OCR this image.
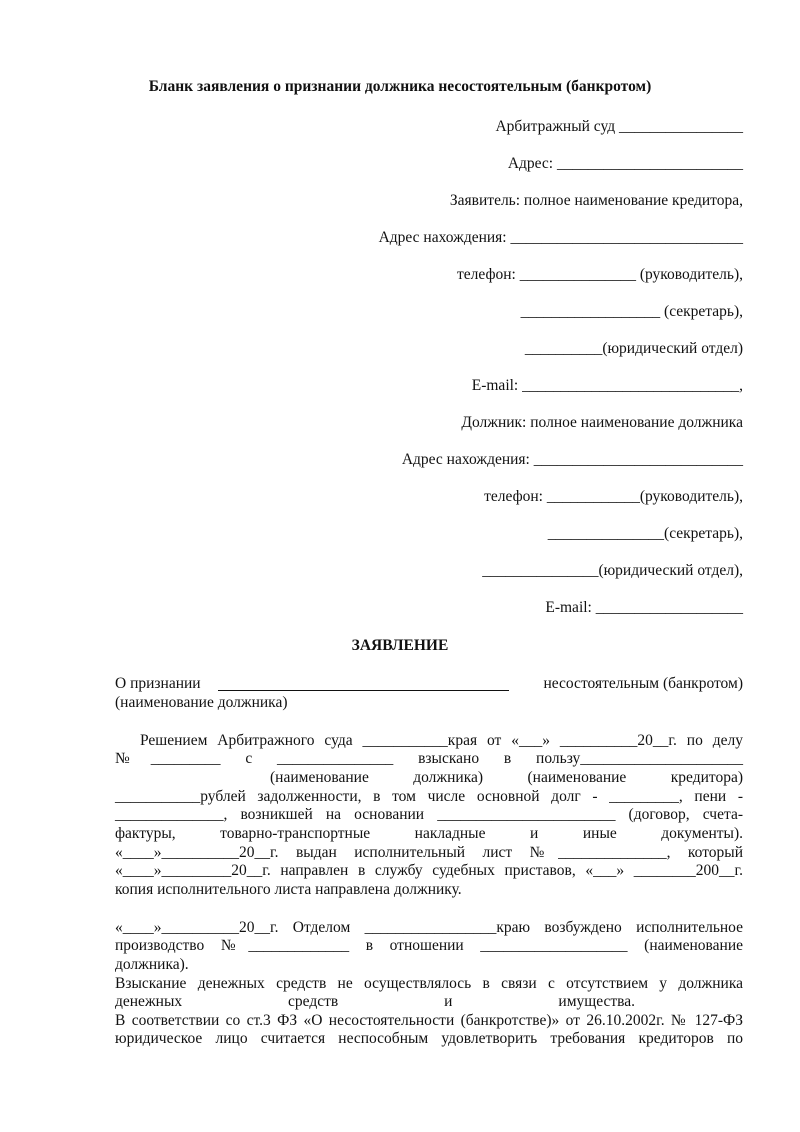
Бланк заявления о признании должника несостоятельным (банкротом)
Арбитражный суд ________________
Адрес: ________________________
Заявитель: полное наименование кредитора,
Адрес нахождения: ______________________________
телефон: _______________ (руководитель),
__________________ (секретарь),
__________(юридический отдел)
E-mail: ____________________________,
Должник: полное наименование должника
Адрес нахождения: ___________________________
телефон: ____________(руководитель),
_______________(секретарь),
_______________(юридический отдел),
E-mail: ___________________
ЗАЯВЛЕНИЕ
О признании	несостоятельным (банкротом)
(наименование должника)
Решением Арбитражного суда ___________края от «___» __________20__г. по делу
№_________ с _______________ взыскано в пользу_____________________
(наименование должника) (наименование кредитора)
___________рублей задолженности, в том числе основной долг - _________, пени -
______________, возникшей на основании _______________________ (договор, счета-
фактуры, товарно-транспортные накладные и иные документы).
«____»__________20__г. выдан исполнительный лист №______________, который
«____»_________20__г. направлен в службу судебных приставов, «___» ________200__г.
копия исполнительного листа направлена должнику.
«____»__________20__г. Отделом _________________краю возбуждено исполнительное
производство №_____________ в отношении ___________________ (наименование
должника).
Взыскание денежных средств не осуществлялось в связи с отсутствием у должника
денежных средств и имущества.
В соответствии со ст.3 ФЗ «О несостоятельности (банкротстве)» от 26.10.2002г. № 127-ФЗ
юридическое лицо считается неспособным удовлетворить требования кредиторов по
